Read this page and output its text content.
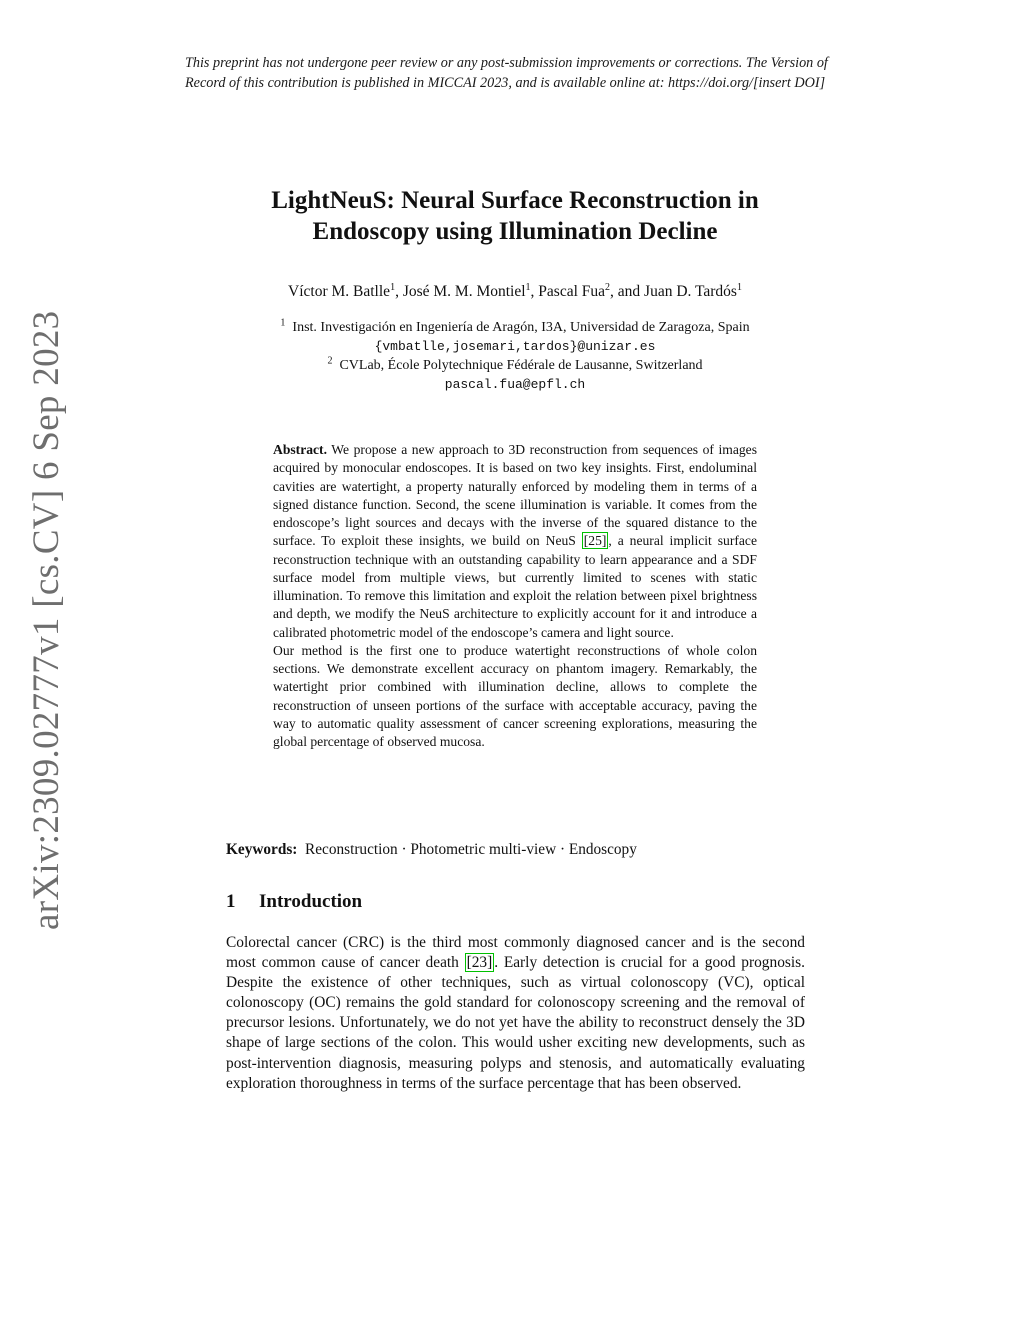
This preprint has not undergone peer review or any post-submission improvements or corrections. The Version of Record of this contribution is published in MICCAI 2023, and is available online at: https://doi.org/[insert DOI]
arXiv:2309.02777v1 [cs.CV] 6 Sep 2023
LightNeuS: Neural Surface Reconstruction in
Endoscopy using Illumination Decline
Víctor M. Batlle$^1$, José M. M. Montiel$^1$, Pascal Fua$^2$, and Juan D. Tardós$^1$
$^1$ Inst. Investigación en Ingeniería de Aragón, I3A, Universidad de Zaragoza, Spain
{vmbatlle,josemari,tardos}@unizar.es
$^2$ CVLab, École Polytechnique Fédérale de Lausanne, Switzerland
pascal.fua@epfl.ch

Abstract. We propose a new approach to 3D reconstruction from sequences of images acquired by monocular endoscopes. It is based on two key insights. First, endoluminal cavities are watertight, a property naturally enforced by modeling them in terms of a signed distance function. Second, the scene illumination is variable. It comes from the endoscope’s light sources and decays with the inverse of the squared distance to the surface. To exploit these insights, we build on NeuS [25] , a neural implicit surface reconstruction technique with an outstanding capability to learn appearance and a SDF surface model from multiple views, but currently limited to scenes with static illumination. To remove this limitation and exploit the relation between pixel brightness and depth, we modify the NeuS architecture to explicitly account for it and introduce a calibrated photometric model of the endoscope’s camera and light source.

Our method is the first one to produce watertight reconstructions of whole colon sections. We demonstrate excellent accuracy on phantom imagery. Remarkably, the watertight prior combined with illumination decline, allows to complete the reconstruction of unseen portions of the surface with acceptable accuracy, paving the way to automatic quality assessment of cancer screening explorations, measuring the global percentage of observed mucosa.

Keywords: Reconstruction · Photometric multi-view · Endoscopy
1 Introduction

Colorectal cancer (CRC) is the third most commonly diagnosed cancer and is the second most common cause of cancer death [23] . Early detection is crucial for a good prognosis. Despite the existence of other techniques, such as virtual colonoscopy (VC), optical colonoscopy (OC) remains the gold standard for colonoscopy screening and the removal of precursor lesions. Unfortunately, we do not yet have the ability to reconstruct densely the 3D shape of large sections of the colon. This would usher exciting new developments, such as post-intervention diagnosis, measuring polyps and stenosis, and automatically evaluating exploration thoroughness in terms of the surface percentage that has been observed.
